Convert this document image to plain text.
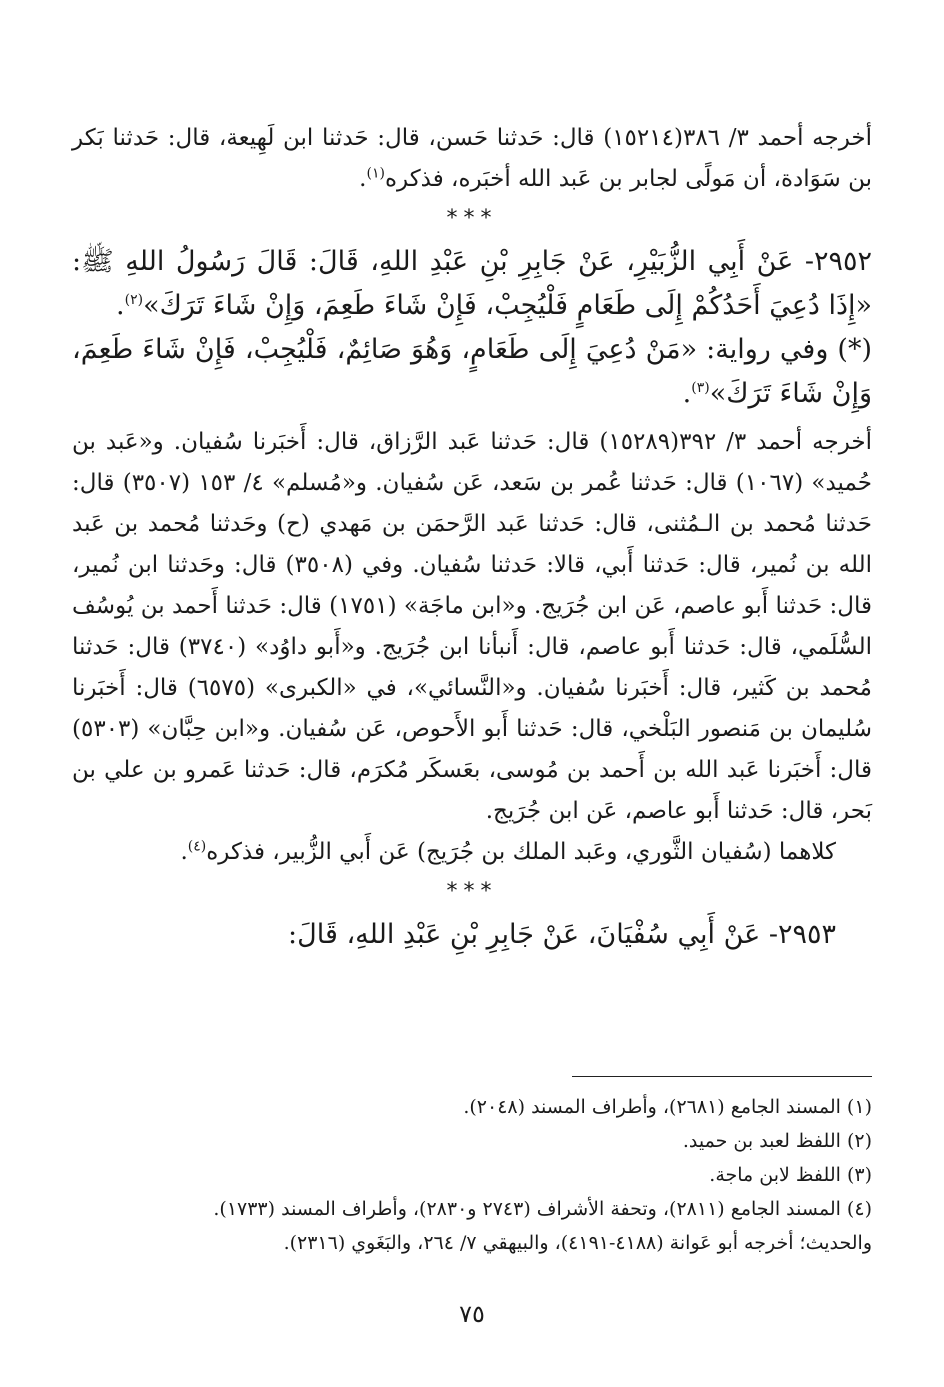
أخرجه أحمد ٣/ ٣٨٦(١٥٢١٤) قال: حَدثنا حَسن، قال: حَدثنا ابن لَهِيعة، قال: حَدثنا بَكر بن سَوَادة، أن مَولًى لجابر بن عَبد الله أخبَره، فذكره$^{(١)}$.

***

٢٩٥٢- عَنْ أَبِي الزُّبَيْرِ، عَنْ جَابِرِ بْنِ عَبْدِ اللهِ، قَالَ: قَالَ رَسُولُ اللهِ ﷺ: «إِذَا دُعِيَ أَحَدُكُمْ إِلَى طَعَامٍ فَلْيُجِبْ، فَإِنْ شَاءَ طَعِمَ، وَإِنْ شَاءَ تَرَكَ»$^{(٢)}$.

(*) وفي رواية: «مَنْ دُعِيَ إِلَى طَعَامٍ، وَهُوَ صَائِمٌ، فَلْيُجِبْ، فَإِنْ شَاءَ طَعِمَ، وَإِنْ شَاءَ تَرَكَ»$^{(٣)}$.

أخرجه أحمد ٣/ ٣٩٢(١٥٢٨٩) قال: حَدثنا عَبد الرَّزاق، قال: أَخبَرنا سُفيان. و«عَبد بن حُميد» (١٠٦٧) قال: حَدثنا عُمر بن سَعد، عَن سُفيان. و«مُسلم» ٤/ ١٥٣ (٣٥٠٧) قال: حَدثنا مُحمد بن الـمُثنى، قال: حَدثنا عَبد الرَّحمَن بن مَهدي (ح) وحَدثنا مُحمد بن عَبد الله بن نُمير، قال: حَدثنا أَبي، قالا: حَدثنا سُفيان. وفي (٣٥٠٨) قال: وحَدثنا ابن نُمير، قال: حَدثنا أَبو عاصم، عَن ابن جُرَيج. و«ابن ماجَة» (١٧٥١) قال: حَدثنا أَحمد بن يُوسُف السُّلَمي، قال: حَدثنا أَبو عاصم، قال: أَنبأنا ابن جُرَيج. و«أَبو داوُد» (٣٧٤٠) قال: حَدثنا مُحمد بن كَثير، قال: أَخبَرنا سُفيان. و«النَّسائي»، في «الكبرى» (٦٥٧٥) قال: أَخبَرنا سُليمان بن مَنصور البَلْخي، قال: حَدثنا أَبو الأَحوص، عَن سُفيان. و«ابن حِبَّان» (٥٣٠٣) قال: أَخبَرنا عَبد الله بن أَحمد بن مُوسى، بعَسكَر مُكرَم، قال: حَدثنا عَمرو بن علي بن بَحر، قال: حَدثنا أَبو عاصم، عَن ابن جُرَيج.

كلاهما (سُفيان الثَّوري، وعَبد الملك بن جُرَيج) عَن أَبي الزُّبير، فذكره$^{(٤)}$.

***

٢٩٥٣- عَنْ أَبِي سُفْيَانَ، عَنْ جَابِرِ بْنِ عَبْدِ اللهِ، قَالَ:

(١) المسند الجامع (٢٦٨١)، وأطراف المسند (٢٠٤٨).

(٢) اللفظ لعبد بن حميد.

(٣) اللفظ لابن ماجة.

(٤) المسند الجامع (٢٨١١)، وتحفة الأشراف (٢٧٤٣ و٢٨٣٠)، وأطراف المسند (١٧٣٣).

والحديث؛ أخرجه أبو عَوانة (٤١٨٨-٤١٩١)، والبيهقي ٧/ ٢٦٤، والبَغَوي (٢٣١٦).

٧٥
